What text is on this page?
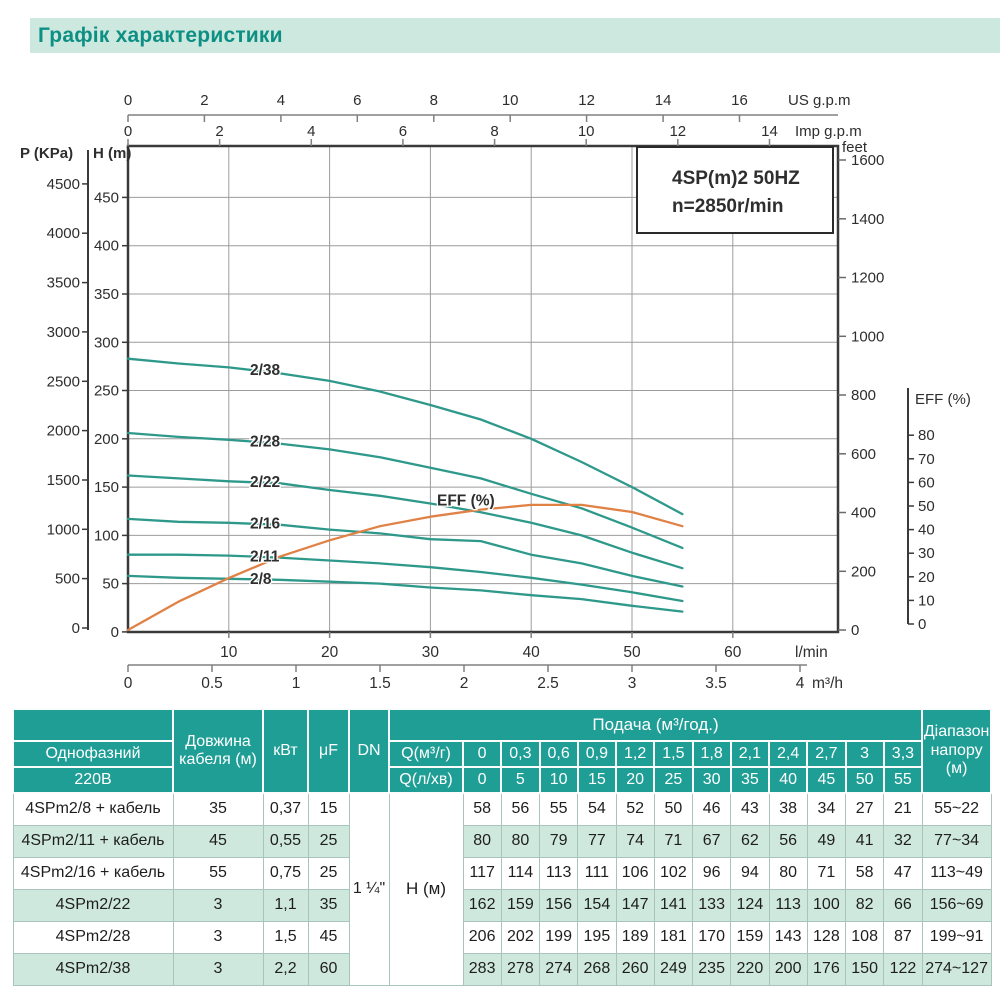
Графік характеристики
0	2	4	6	8	10	12	14	16	US g.p.m
0	2	4	6	8	10	12	14 Imp g.p.m
4500
4000
3500
3000
2500
2000
1500
1000
500
0
P (KPa)
450
400
350
300
250
200
150
100
50
0
H (m)	1600
1400
1200
1000
800
600
400
200
0
feet
80
70
60
50
40
30
20
10
0
EFF (%)
10	20	30	40	50	60	l/min
0	0.5	1	1.5	2	2.5	3	3.5	4 m³/h
4SP(m)2 50HZ
n=2850r/min
2/38
2/28
2/22
2/16
2/11
2/8
EFF (%)
	Довжина кабеля (м)	кВт	μF	DN	Подача (м³/год.)													Діапазон напору (м)
Однофазний					Q(м³/г)	0	0,3	0,6	0,9	1,2	1,5	1,8	2,1	2,4	2,7	3	3,3	
220В					Q(л/хв)	0	5	10	15	20	25	30	35	40	45	50	55	
4SPm2/8 + кабель	35	0,37	15	1 ¼"	Н (м)	58	56	55	54	52	50	46	43	38	34	27	21	55~22
4SPm2/11 + кабель	45	0,55	25			80	80	79	77	74	71	67	62	56	49	41	32	77~34
4SPm2/16 + кабель	55	0,75	25			117	114	113	111	106	102	96	94	80	71	58	47	113~49
4SPm2/22	3	1,1	35			162	159	156	154	147	141	133	124	113	100	82	66	156~69
4SPm2/28	3	1,5	45			206	202	199	195	189	181	170	159	143	128	108	87	199~91
4SPm2/38	3	2,2	60			283	278	274	268	260	249	235	220	200	176	150	122	274~127
